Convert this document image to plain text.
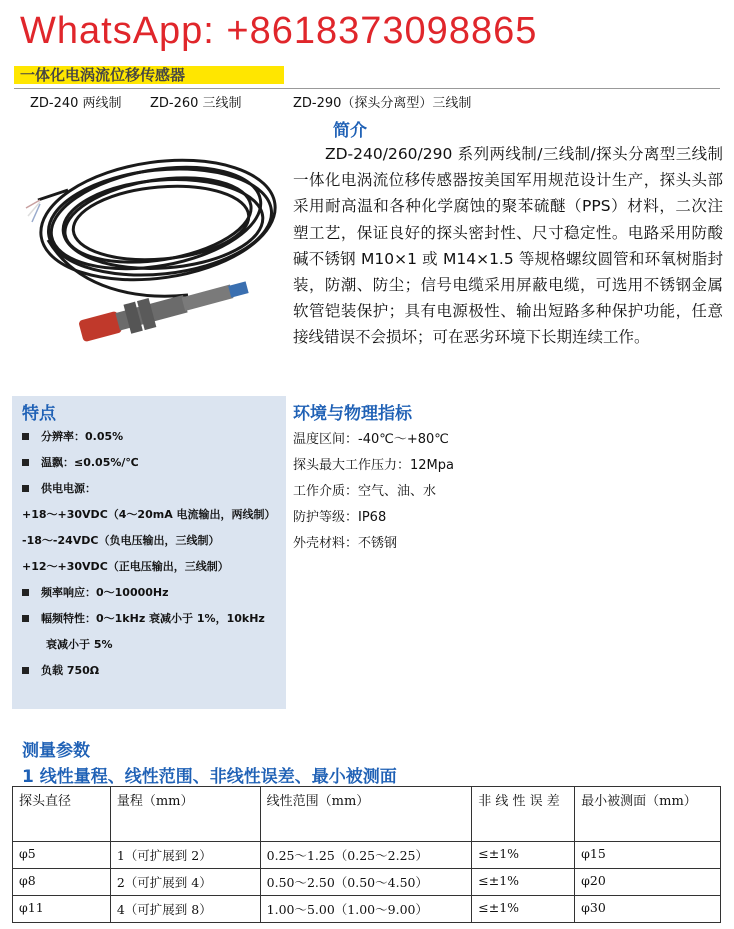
WhatsApp: +8618373098865
一体化电涡流位移传感器
ZD-240 两线制 ZD-260 三线制	ZD-290（探头分离型）三线制
简介
ZD-240/260/290 系列两线制/三线制/探头分离型三线制一体化电涡流位移传感器按美国军用规范设计生产，探头头部采用耐高温和各种化学腐蚀的聚苯硫醚（PPS）材料，二次注塑工艺，保证良好的探头密封性、尺寸稳定性。电路采用防酸碱不锈钢 M10×1 或 M14×1.5 等规格螺纹圆管和环氧树脂封装，防潮、防尘；信号电缆采用屏蔽电缆，可选用不锈钢金属软管铠装保护；具有电源极性、输出短路多种保护功能，任意接线错误不会损坏；可在恶劣环境下长期连续工作。
特点
分辨率：0.05%
温飘：≤0.05%/℃
供电电源：
+18～+30VDC（4～20mA 电流输出，两线制）
-18～-24VDC（负电压输出，三线制）
+12～+30VDC（正电压输出，三线制）
频率响应：0～10000Hz
幅频特性：0～1kHz 衰减小于 1%，10kHz
衰减小于 5%
负载 750Ω
环境与物理指标
温度区间：-40℃～+80℃
探头最大工作压力：12Mpa
工作介质：空气、油、水
防护等级：IP68
外壳材料：不锈钢
测量参数
1 线性量程、线性范围、非线性误差、最小被测面
探头直径	量程（mm）	线性范围（mm）	非 线 性 误 差	最小被测面（mm）
φ5	1（可扩展到 2）	0.25～1.25（0.25～2.25）	≤±1%	φ15
φ8	2（可扩展到 4）	0.50～2.50（0.50～4.50）	≤±1%	φ20
φ11	4（可扩展到 8）	1.00～5.00（1.00～9.00）	≤±1%	φ30
